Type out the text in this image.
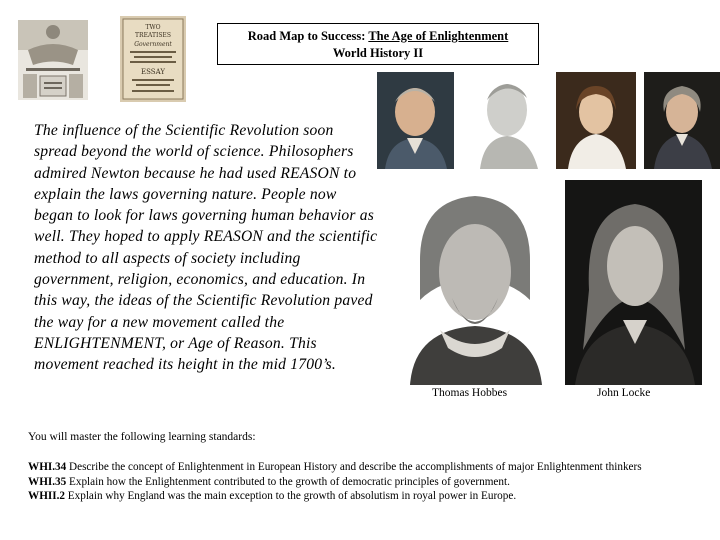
TWO
TREATISES
Government
ESSAY
Road Map to Success: The Age of Enlightenment
World History II
The influence of the Scientific Revolution soon spread beyond the world of science. Philosophers admired Newton because he had used REASON to explain the laws governing nature. People now began to look for laws governing human behavior as well. They hoped to apply REASON and the scientific method to all aspects of society including government, religion, economics, and education. In this way, the ideas of the Scientific Revolution paved the way for a new movement called the ENLIGHTENMENT, or Age of Reason. This movement reached its height in the mid 1700’s.
Thomas Hobbes	John Locke
You will master the following learning standards:
WHI.34 Describe the concept of Enlightenment in European History and describe the accomplishments of major Enlightenment thinkers
WHI.35 Explain how the Enlightenment contributed to the growth of democratic principles of government.
WHII.2 Explain why England was the main exception to the growth of absolutism in royal power in Europe.
